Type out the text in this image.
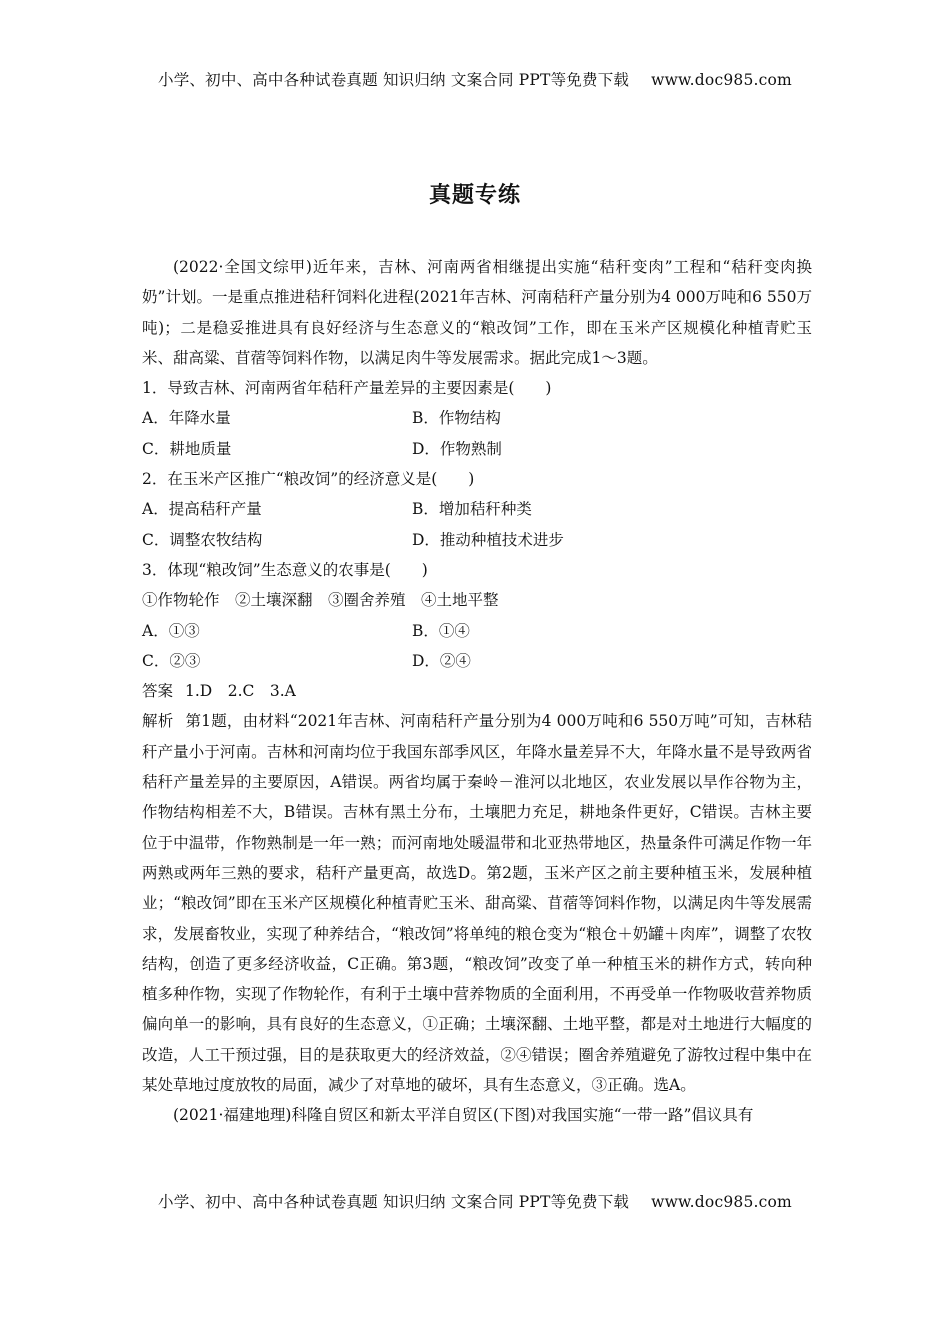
小学、初中、高中各种试卷真题 知识归纳 文案合同 PPT等免费下载 www.doc985.com
真题专练

(2022·全国文综甲)近年来，吉林、河南两省相继提出实施“秸秆变肉”工程和“秸秆变肉换奶”计划。一是重点推进秸秆饲料化进程(2021年吉林、河南秸秆产量分别为4 000万吨和6 550万吨)；二是稳妥推进具有良好经济与生态意义的“粮改饲”工作，即在玉米产区规模化种植青贮玉米、甜高粱、苜蓿等饲料作物，以满足肉牛等发展需求。据此完成1～3题。

1．导致吉林、河南两省年秸秆产量差异的主要因素是(　　)

A．年降水量	B．作物结构
C．耕地质量	D．作物熟制

2．在玉米产区推广“粮改饲”的经济意义是(　　)

A．提高秸秆产量	B．增加秸秆种类
C．调整农牧结构	D．推动种植技术进步

3．体现“粮改饲”生态意义的农事是(　　)

①作物轮作　②土壤深翻　③圈舍养殖　④土地平整

A．①③	B．①④
C．②③	D．②④

答案 1.D　2.C　3.A

解析 第1题，由材料“2021年吉林、河南秸秆产量分别为4 000万吨和6 550万吨”可知，吉林秸秆产量小于河南。吉林和河南均位于我国东部季风区，年降水量差异不大，年降水量不是导致两省秸秆产量差异的主要原因，A错误。两省均属于秦岭－淮河以北地区，农业发展以旱作谷物为主，作物结构相差不大，B错误。吉林有黑土分布，土壤肥力充足，耕地条件更好，C错误。吉林主要位于中温带，作物熟制是一年一熟；而河南地处暖温带和北亚热带地区，热量条件可满足作物一年两熟或两年三熟的要求，秸秆产量更高，故选D。第2题，玉米产区之前主要种植玉米，发展种植业；“粮改饲”即在玉米产区规模化种植青贮玉米、甜高粱、苜蓿等饲料作物，以满足肉牛等发展需求，发展畜牧业，实现了种养结合，“粮改饲”将单纯的粮仓变为“粮仓＋奶罐＋肉库”，调整了农牧结构，创造了更多经济收益，C正确。第3题，“粮改饲”改变了单一种植玉米的耕作方式，转向种植多种作物，实现了作物轮作，有利于土壤中营养物质的全面利用，不再受单一作物吸收营养物质偏向单一的影响，具有良好的生态意义，①正确；土壤深翻、土地平整，都是对土地进行大幅度的改造，人工干预过强，目的是获取更大的经济效益，②④错误；圈舍养殖避免了游牧过程中集中在某处草地过度放牧的局面，减少了对草地的破坏，具有生态意义，③正确。选A。

(2021·福建地理)科隆自贸区和新太平洋自贸区(下图)对我国实施“一带一路”倡议具有

小学、初中、高中各种试卷真题 知识归纳 文案合同 PPT等免费下载 www.doc985.com
